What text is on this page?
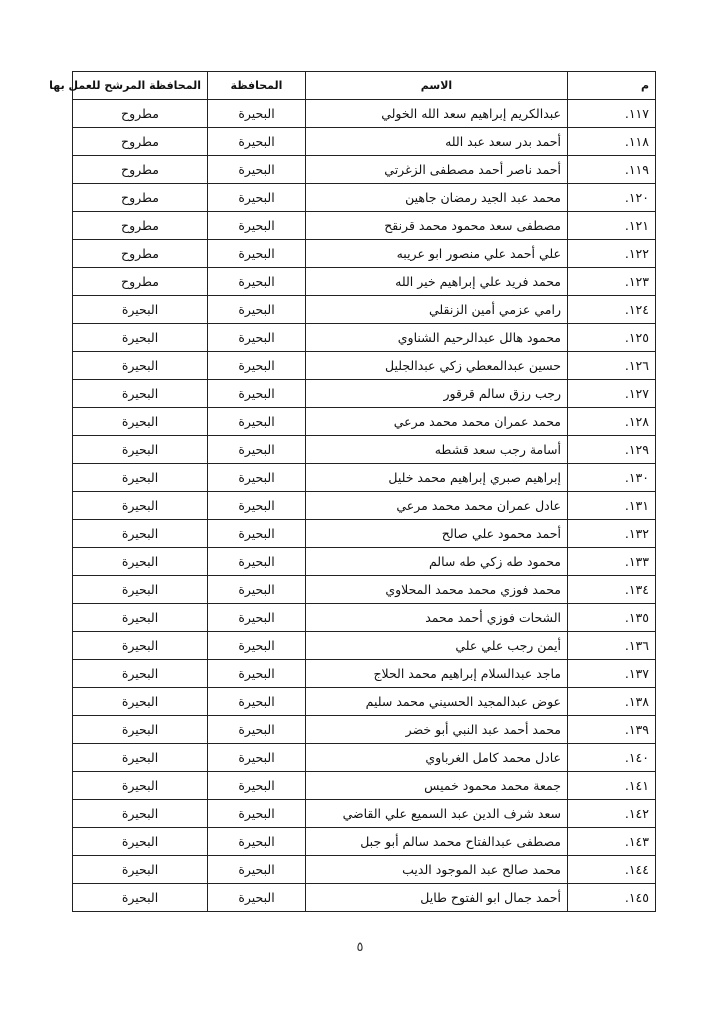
م	الاسم	المحافظة	المحافظة المرشح للعمل بها
١١٧.	عبدالكريم إبراهيم سعد الله الخولي	البحيرة	مطروح
١١٨.	أحمد بدر سعد عبد الله	البحيرة	مطروح
١١٩.	أحمد ناصر أحمد مصطفى الزغرتي	البحيرة	مطروح
١٢٠.	محمد عبد الجيد رمضان جاهين	البحيرة	مطروح
١٢١.	مصطفى سعد محمود محمد قرنقح	البحيرة	مطروح
١٢٢.	علي أحمد علي منصور ابو عريبه	البحيرة	مطروح
١٢٣.	محمد فريد علي إبراهيم خير الله	البحيرة	مطروح
١٢٤.	رامي عزمي أمين الزنقلي	البحيرة	البحيرة
١٢٥.	محمود هالل عبدالرحيم الشناوي	البحيرة	البحيرة
١٢٦.	حسين عبدالمعطي زكي عبدالجليل	البحيرة	البحيرة
١٢٧.	رجب رزق سالم قرقور	البحيرة	البحيرة
١٢٨.	محمد عمران محمد محمد مرعي	البحيرة	البحيرة
١٢٩.	أسامة رجب سعد قشطه	البحيرة	البحيرة
١٣٠.	إبراهيم صبري إبراهيم محمد خليل	البحيرة	البحيرة
١٣١.	عادل عمران محمد محمد مرعي	البحيرة	البحيرة
١٣٢.	أحمد محمود علي صالح	البحيرة	البحيرة
١٣٣.	محمود طه زكي طه سالم	البحيرة	البحيرة
١٣٤.	محمد فوزي محمد محمد المحلاوي	البحيرة	البحيرة
١٣٥.	الشحات فوزي أحمد محمد	البحيرة	البحيرة
١٣٦.	أيمن رجب علي علي	البحيرة	البحيرة
١٣٧.	ماجد عبدالسلام إبراهيم محمد الحلاج	البحيرة	البحيرة
١٣٨.	عوض عبدالمجيد الحسيني محمد سليم	البحيرة	البحيرة
١٣٩.	محمد أحمد عبد النبي أبو خضر	البحيرة	البحيرة
١٤٠.	عادل محمد كامل الغرباوي	البحيرة	البحيرة
١٤١.	جمعة محمد محمود خميس	البحيرة	البحيرة
١٤٢.	سعد شرف الدين عبد السميع علي القاضي	البحيرة	البحيرة
١٤٣.	مصطفى عبدالفتاح محمد سالم أبو جبل	البحيرة	البحيرة
١٤٤.	محمد صالح عبد الموجود الديب	البحيرة	البحيرة
١٤٥.	أحمد جمال ابو الفتوح طايل	البحيرة	البحيرة
٥
